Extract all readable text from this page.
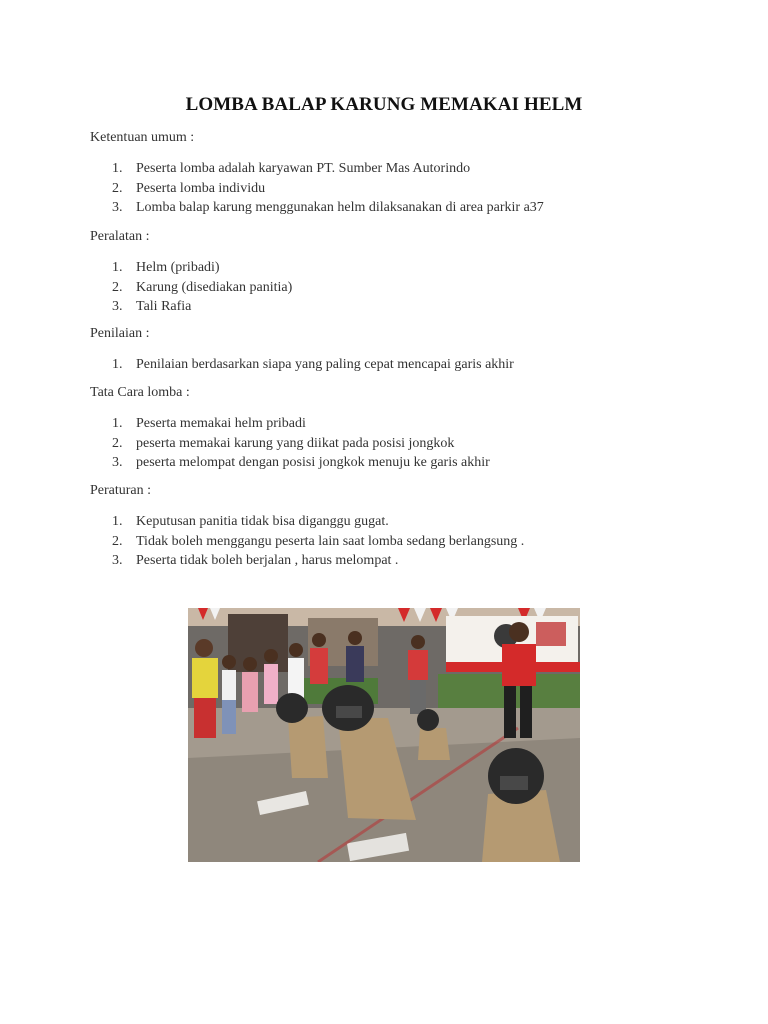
LOMBA BALAP KARUNG MEMAKAI HELM
Ketentuan umum :
1. Peserta lomba adalah karyawan PT. Sumber Mas Autorindo
2. Peserta lomba individu
3. Lomba balap karung menggunakan helm dilaksanakan di area parkir a37
Peralatan :
1. Helm (pribadi)
2. Karung (disediakan panitia)
3. Tali Rafia
Penilaian :
1. Penilaian berdasarkan siapa yang paling cepat mencapai garis akhir
Tata Cara lomba :
1. Peserta memakai helm pribadi
2. peserta memakai karung yang diikat pada posisi jongkok
3. peserta melompat dengan posisi jongkok menuju ke garis akhir
Peraturan :
1. Keputusan panitia tidak bisa diganggu gugat.
2. Tidak boleh menggangu peserta lain saat lomba sedang berlangsung .
3. Peserta tidak boleh berjalan , harus melompat .
